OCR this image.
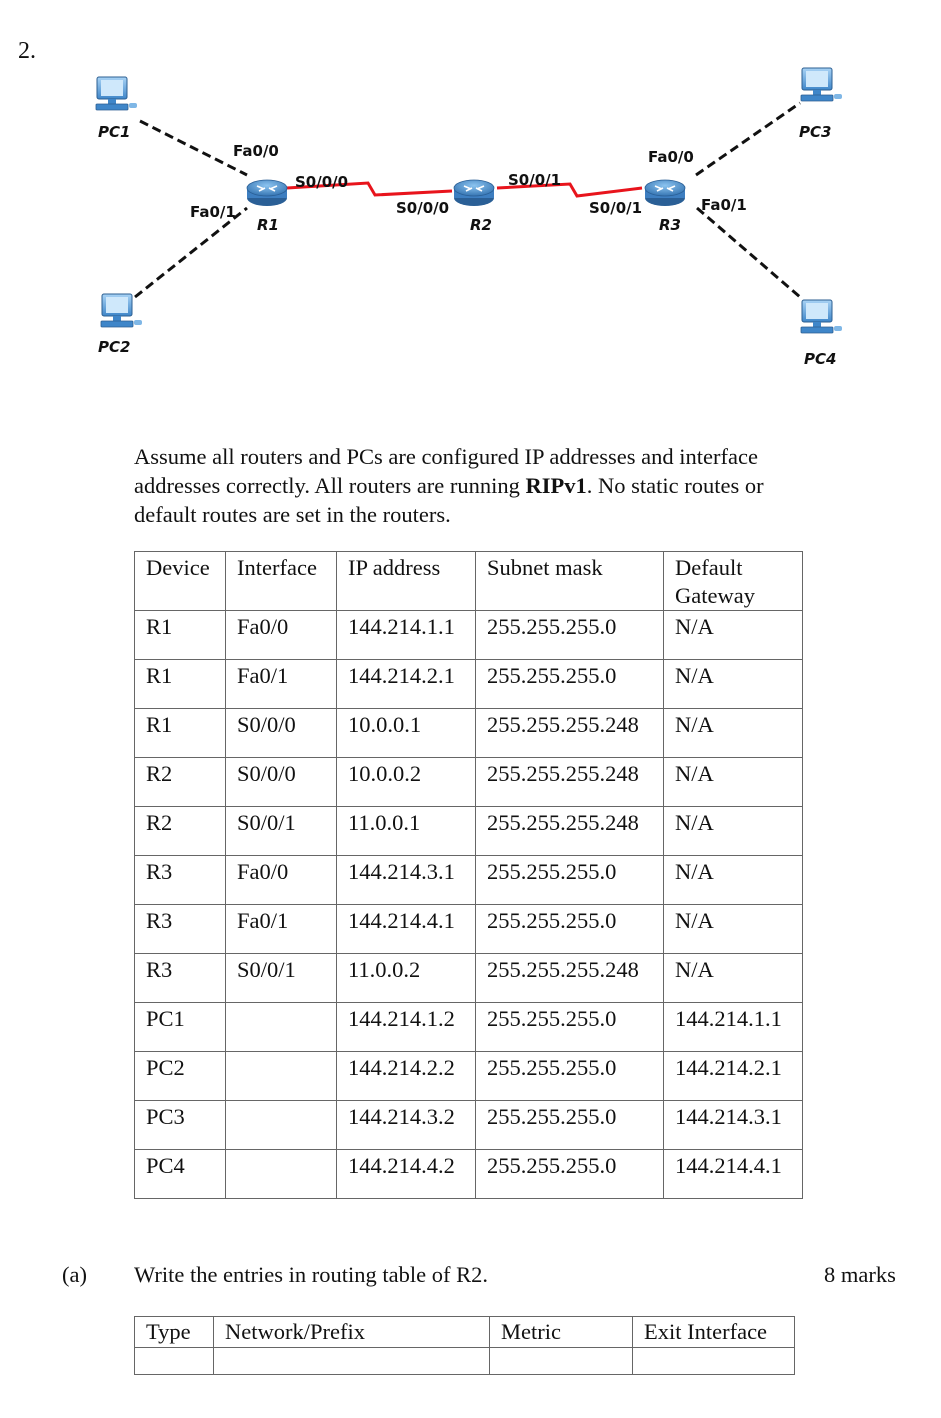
2.
PC1
PC2
PC3
PC4
R1	R2	R3
Fa0/0
Fa0/1
S0/0/0
S0/0/0
S0/0/1
S0/0/1
Fa0/0
Fa0/1
Assume all routers and PCs are configured IP addresses and interface addresses correctly. All routers are running RIPv1. No static routes or default routes are set in the routers.
Device	Interface	IP address	Subnet mask	Default Gateway
R1	Fa0/0	144.214.1.1	255.255.255.0	N/A
R1	Fa0/1	144.214.2.1	255.255.255.0	N/A
R1	S0/0/0	10.0.0.1	255.255.255.248	N/A
R2	S0/0/0	10.0.0.2	255.255.255.248	N/A
R2	S0/0/1	11.0.0.1	255.255.255.248	N/A
R3	Fa0/0	144.214.3.1	255.255.255.0	N/A
R3	Fa0/1	144.214.4.1	255.255.255.0	N/A
R3	S0/0/1	11.0.0.2	255.255.255.248	N/A
PC1		144.214.1.2	255.255.255.0	144.214.1.1
PC2		144.214.2.2	255.255.255.0	144.214.2.1
PC3		144.214.3.2	255.255.255.0	144.214.3.1
PC4		144.214.4.2	255.255.255.0	144.214.4.1
(a) Write the entries in routing table of R2.	8 marks
Type	Network/Prefix	Metric	Exit Interface
